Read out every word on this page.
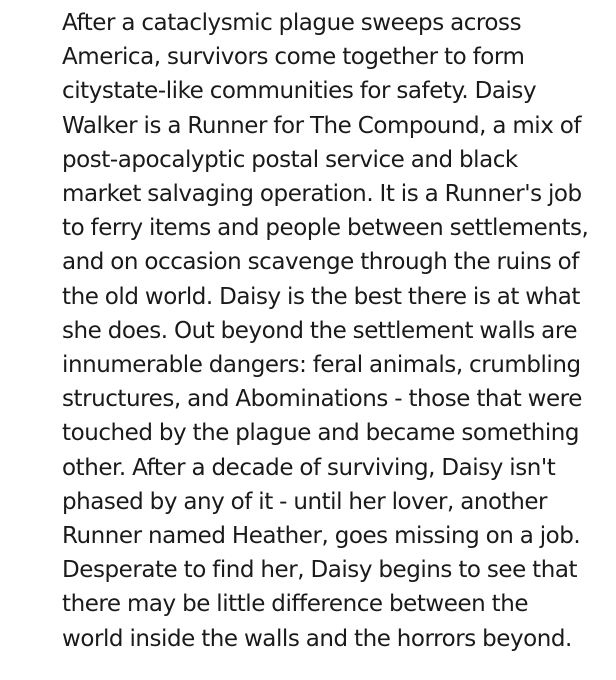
After a cataclysmic plague sweeps across
America, survivors come together to form
citystate-like communities for safety. Daisy
Walker is a Runner for The Compound, a mix of
post-apocalyptic postal service and black
market salvaging operation. It is a Runner's job
to ferry items and people between settlements,
and on occasion scavenge through the ruins of
the old world. Daisy is the best there is at what
she does. Out beyond the settlement walls are
innumerable dangers: feral animals, crumbling
structures, and Abominations - those that were
touched by the plague and became something
other. After a decade of surviving, Daisy isn't
phased by any of it - until her lover, another
Runner named Heather, goes missing on a job.
Desperate to find her, Daisy begins to see that
there may be little difference between the
world inside the walls and the horrors beyond.
